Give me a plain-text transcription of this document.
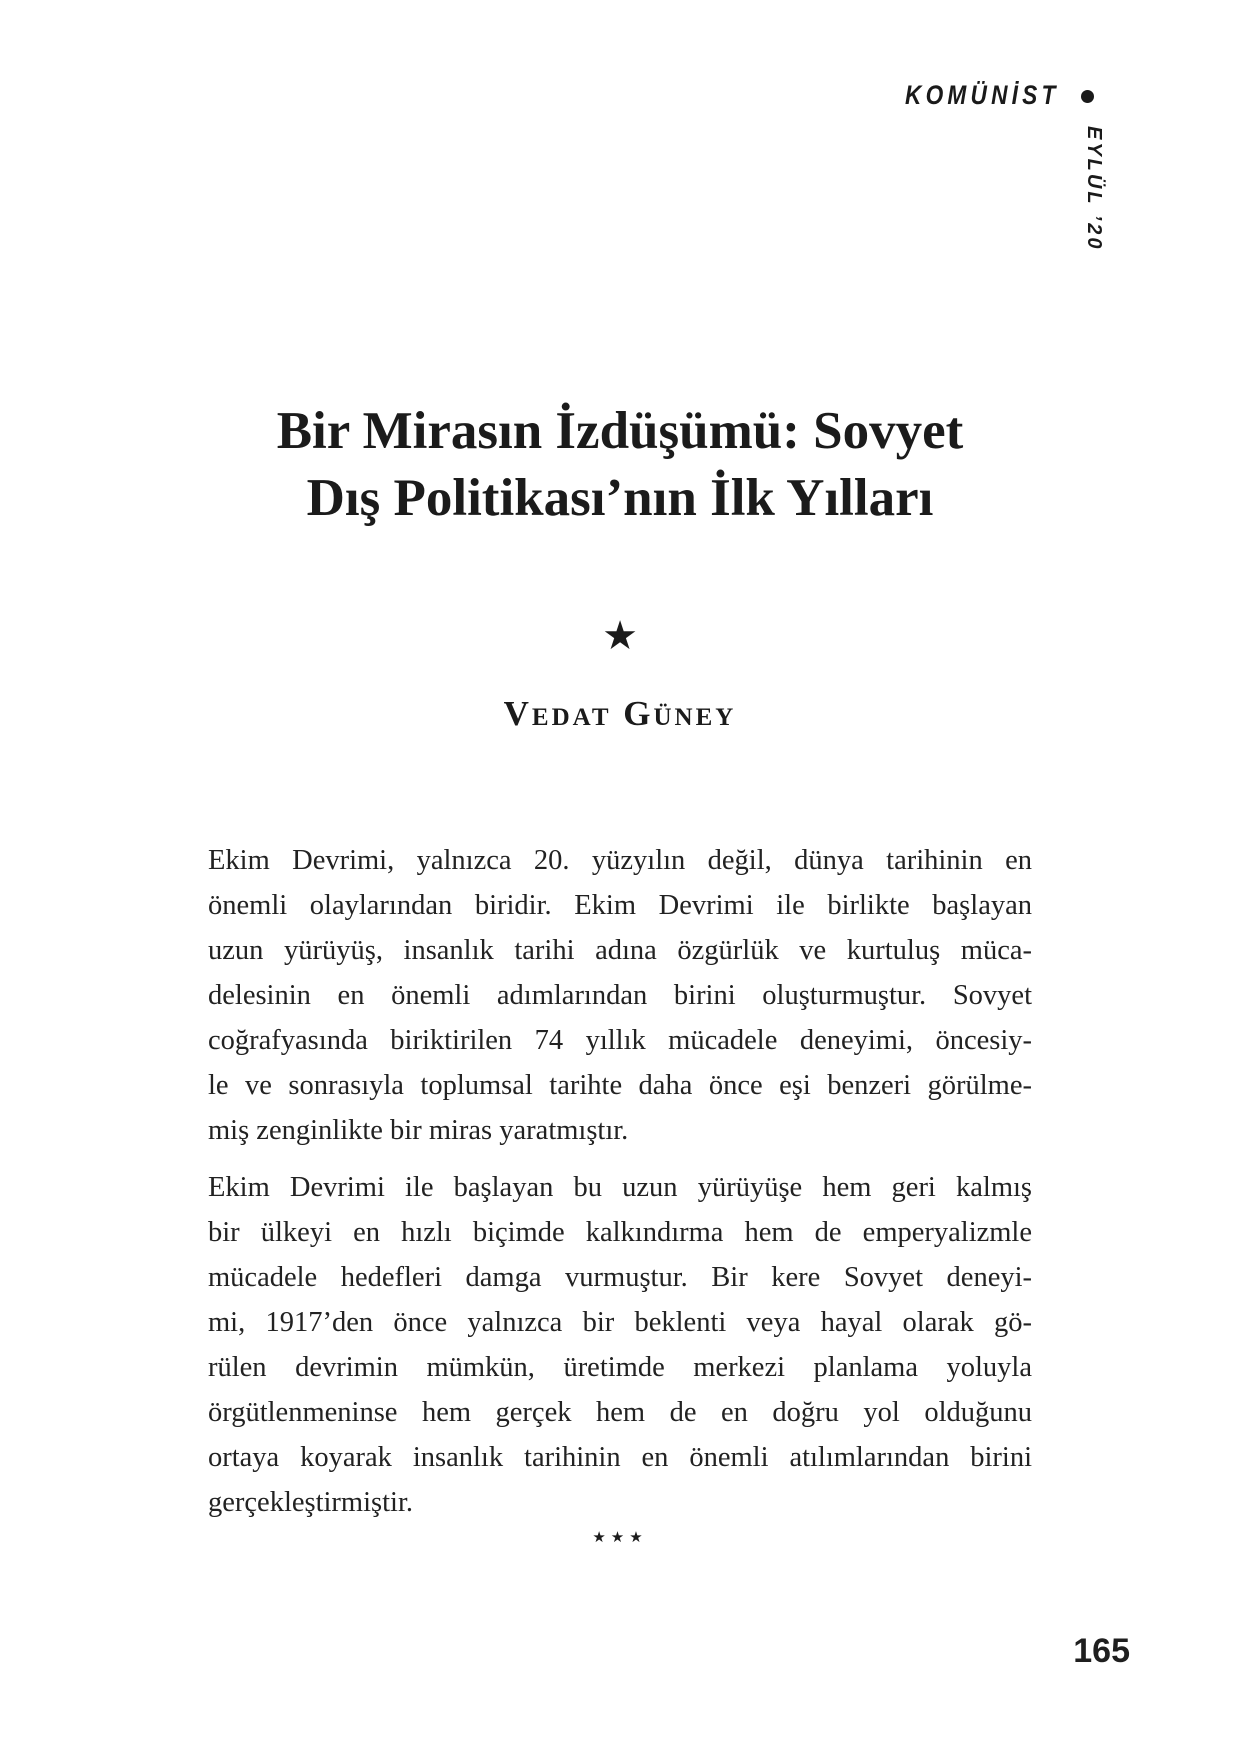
KOMÜNİST
EYLÜL ’20
Bir Mirasın İzdüşümü: Sovyet
Dış Politikası’nın İlk Yılları
★
Vedat Güney
Ekim Devrimi, yalnızca 20. yüzyılın değil, dünya tarihinin en
önemli olaylarından biridir. Ekim Devrimi ile birlikte başlayan
uzun yürüyüş, insanlık tarihi adına özgürlük ve kurtuluş müca-
delesinin en önemli adımlarından birini oluşturmuştur. Sovyet
coğrafyasında biriktirilen 74 yıllık mücadele deneyimi, öncesiy-
le ve sonrasıyla toplumsal tarihte daha önce eşi benzeri görülme-
miş zenginlikte bir miras yaratmıştır.
Ekim Devrimi ile başlayan bu uzun yürüyüşe hem geri kalmış
bir ülkeyi en hızlı biçimde kalkındırma hem de emperyalizmle
mücadele hedefleri damga vurmuştur. Bir kere Sovyet deneyi-
mi, 1917’den önce yalnızca bir beklenti veya hayal olarak gö-
rülen devrimin mümkün, üretimde merkezi planlama yoluyla
örgütlenmeninse hem gerçek hem de en doğru yol olduğunu
ortaya koyarak insanlık tarihinin en önemli atılımlarından birini
gerçekleştirmiştir.
★★★
165
